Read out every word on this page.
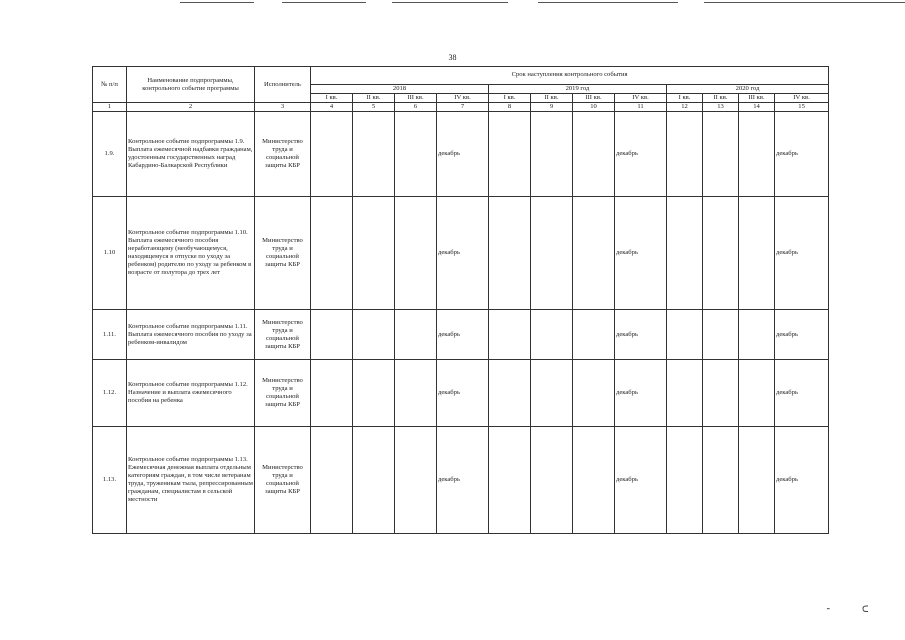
38
№ п/п	Наименование подпрограммы, контрольного событие программы	Исполнитель	Срок наступления контрольного события											
			2018				2019 год				2020 год			
			I кв.	II кв.	III кв.	IV кв.	I кв.	II кв.	III кв.	IV кв.	I кв.	II кв.	III кв.	IV кв.
1	2	3	4	5	6	7	8	9	10	11	12	13	14	15
1.9.	Контрольное событие подпрограммы 1.9. Выплата ежемесячной надбавки гражданам, удостоенным государственных наград Кабардино-Балкарской Республики	Министерство труда и социальной защиты КБР				декабрь				декабрь				декабрь
1.10	Контрольное событие подпрограммы 1.10. Выплата ежемесячного пособия неработающему (необучающемуся, находящемуся в отпуске по уходу за ребенком) родителю по уходу за ребенком в возрасте от полутора до трех лет	Министерство труда и социальной защиты КБР				декабрь				декабрь				декабрь
1.11.	Контрольное событие подпрограммы 1.11. Выплата ежемесячного пособия по уходу за ребенком-инвалидом	Министерство труда и социальной защиты КБР				декабрь				декабрь				декабрь
1.12.	Контрольное событие подпрограммы 1.12. Назначение и выплата ежемесячного пособия на ребенка	Министерство труда и социальной защиты КБР				декабрь				декабрь				декабрь
1.13.	Контрольное событие подпрограммы 1.13. Ежемесячная денежная выплата отдельным категориям граждан, в том числе ветеранам труда, труженикам тыла, репрессированным гражданам, специалистам в сельской местности	Министерство труда и социальной защиты КБР				декабрь				декабрь				декабрь
⁃	ᑕ
